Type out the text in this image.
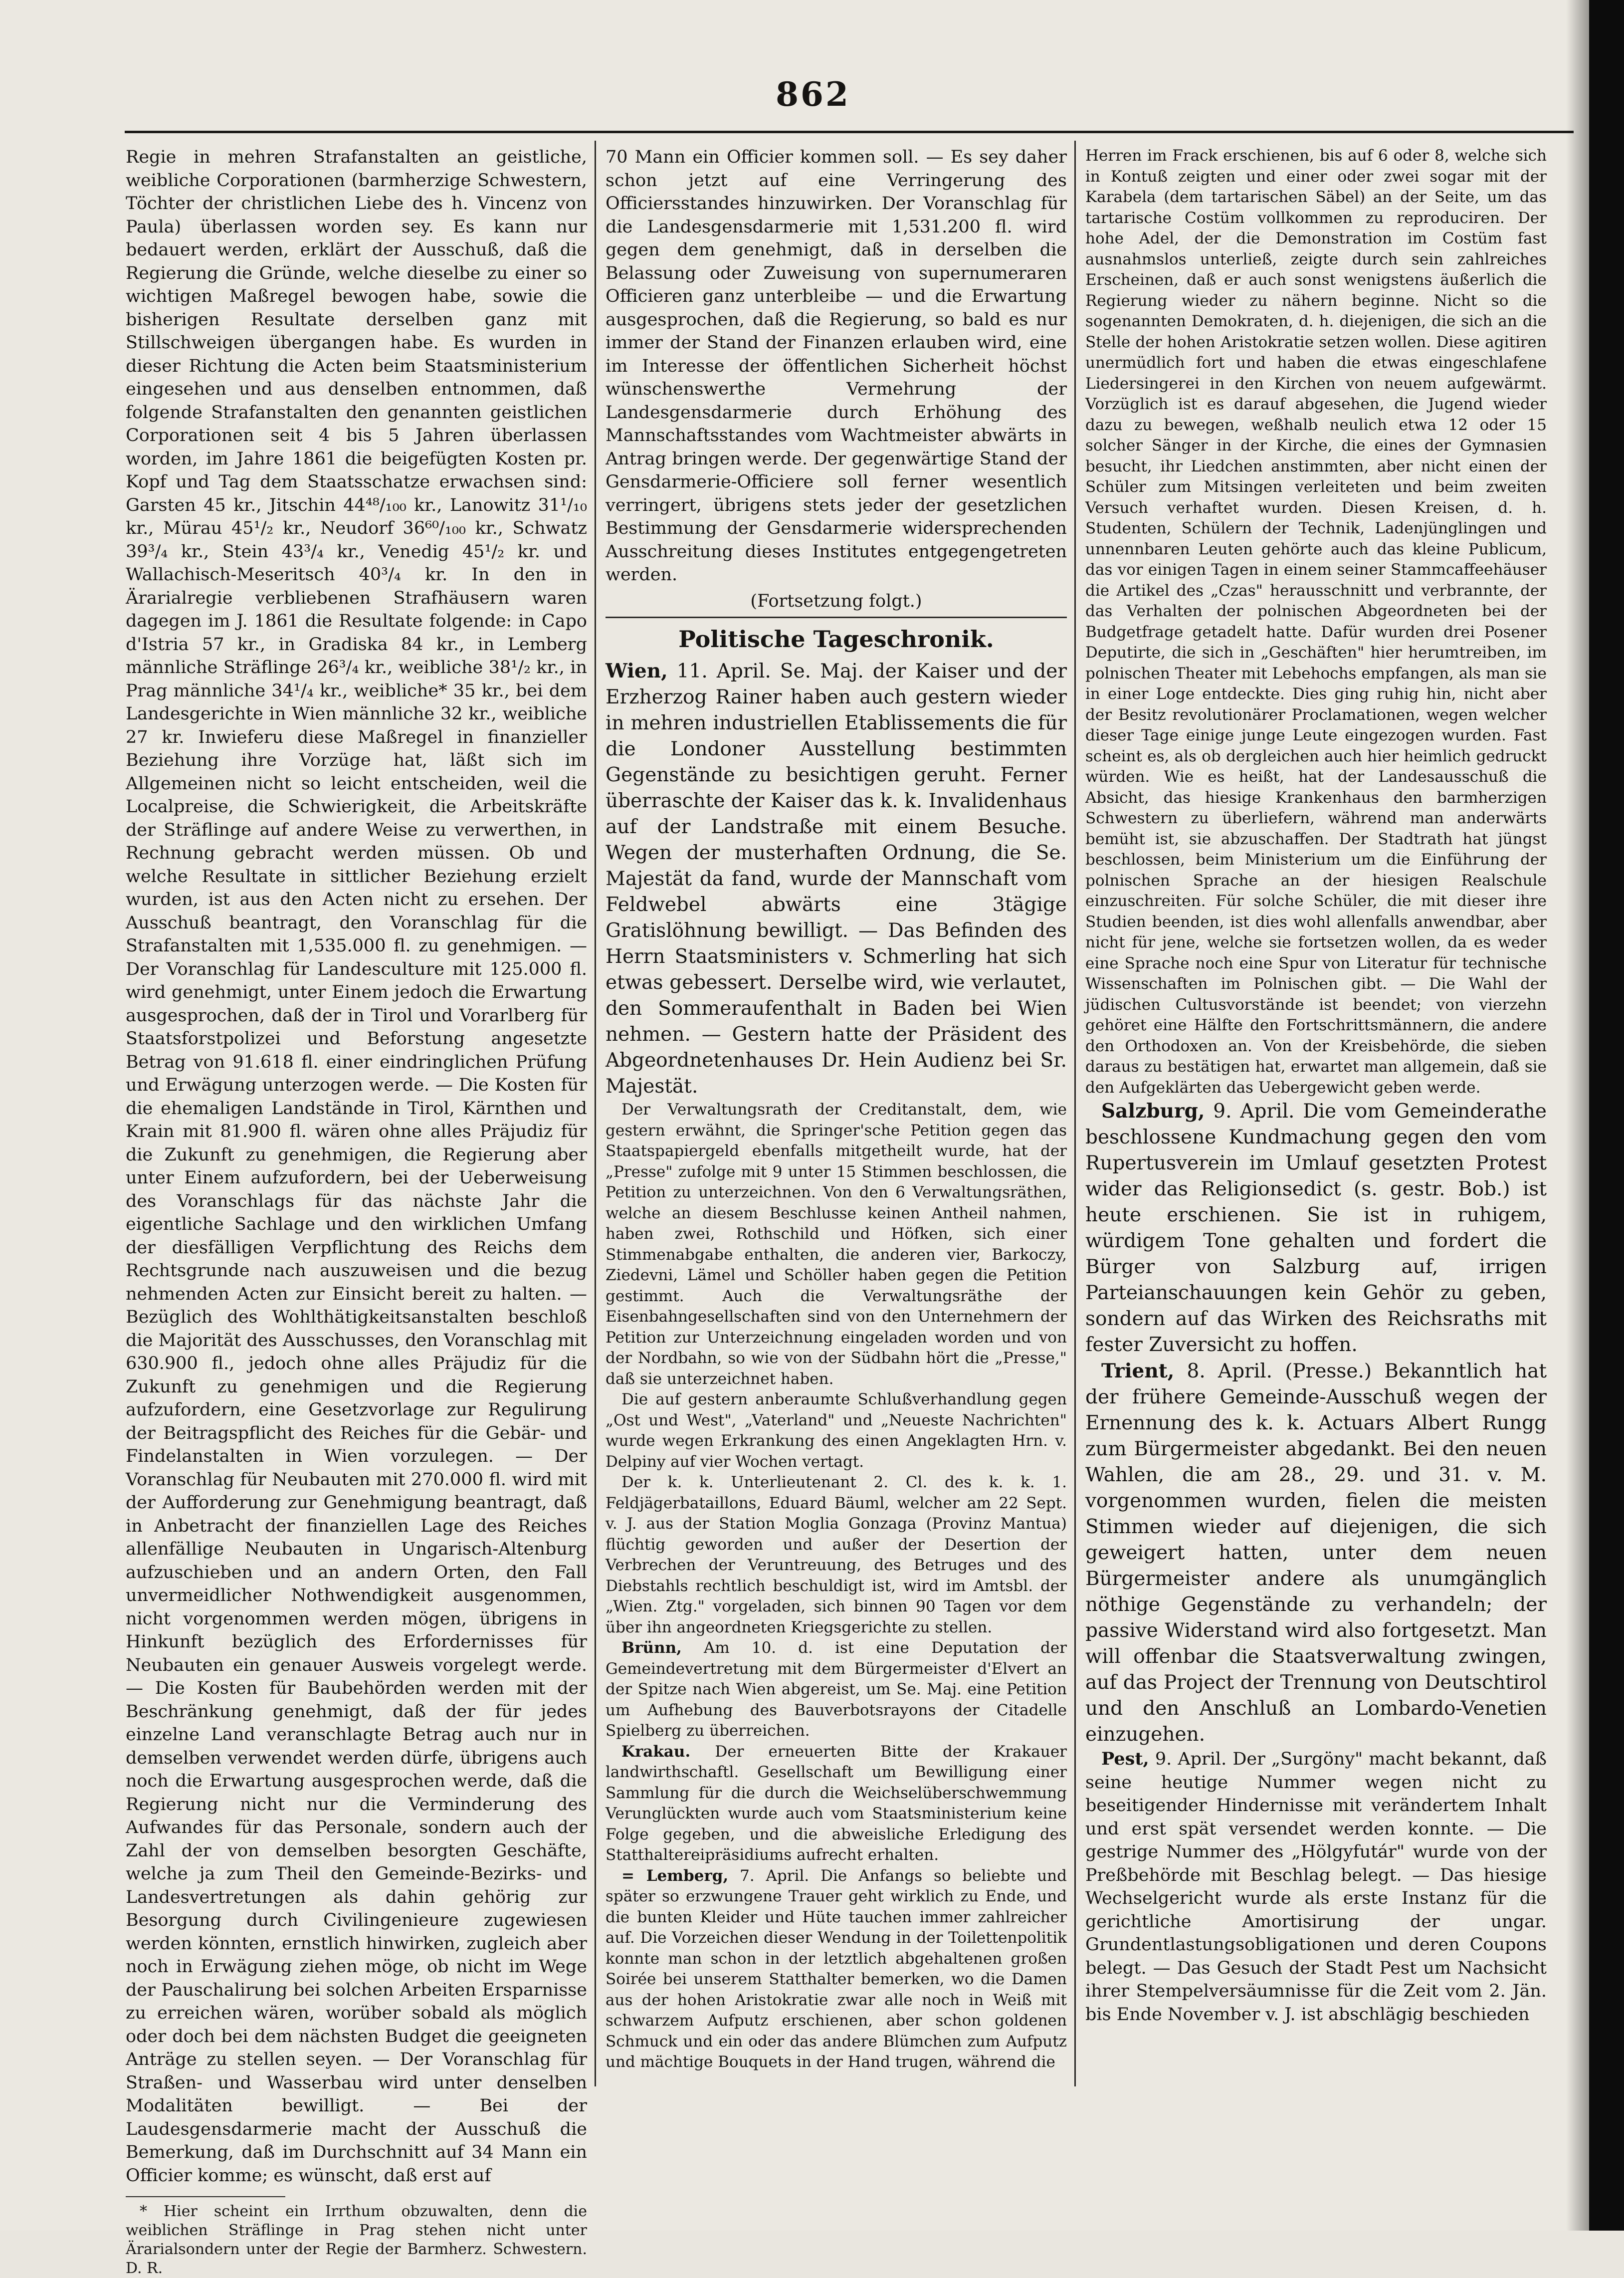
862

Regie in mehren Strafanstalten an geistliche, weibliche Corporationen (barmherzige Schwestern, Töchter der christlichen Liebe des h. Vincenz von Paula) überlassen worden sey. Es kann nur bedauert werden, erklärt der Ausschuß, daß die Regierung die Gründe, welche dieselbe zu einer so wichtigen Maßregel bewogen habe, sowie die bisherigen Resultate derselben ganz mit Stillschweigen übergangen habe. Es wurden in dieser Richtung die Acten beim Staatsministerium eingesehen und aus denselben entnommen, daß folgende Strafanstalten den genannten geistlichen Corporationen seit 4 bis 5 Jahren überlassen worden, im Jahre 1861 die beigefügten Kosten pr. Kopf und Tag dem Staatsschatze erwachsen sind: Garsten 45 kr., Jitschin 44⁴⁸/₁₀₀ kr., Lanowitz 31¹/₁₀ kr., Mürau 45¹/₂ kr., Neudorf 36⁶⁰/₁₀₀ kr., Schwatz 39³/₄ kr., Stein 43³/₄ kr., Venedig 45¹/₂ kr. und Wallachisch-Meseritsch 40³/₄ kr. In den in Ärarialregie verbliebenen Strafhäusern waren dagegen im J. 1861 die Resultate folgende: in Capo d'Istria 57 kr., in Gradiska 84 kr., in Lemberg männliche Sträflinge 26³/₄ kr., weibliche 38¹/₂ kr., in Prag männliche 34¹/₄ kr., weibliche* 35 kr., bei dem Landesgerichte in Wien männliche 32 kr., weibliche 27 kr. Inwieferu diese Maßregel in finanzieller Beziehung ihre Vorzüge hat, läßt sich im Allgemeinen nicht so leicht entscheiden, weil die Localpreise, die Schwierigkeit, die Arbeitskräfte der Sträflinge auf andere Weise zu verwerthen, in Rechnung gebracht werden müssen. Ob und welche Resultate in sittlicher Beziehung erzielt wurden, ist aus den Acten nicht zu ersehen. Der Ausschuß beantragt, den Voranschlag für die Strafanstalten mit 1,535.000 fl. zu genehmigen. — Der Voranschlag für Landesculture mit 125.000 fl. wird genehmigt, unter Einem jedoch die Erwartung ausgesprochen, daß der in Tirol und Vorarlberg für Staatsforstpolizei und Beforstung angesetzte Betrag von 91.618 fl. einer eindringlichen Prüfung und Erwägung unterzogen werde. — Die Kosten für die ehemaligen Landstände in Tirol, Kärnthen und Krain mit 81.900 fl. wären ohne alles Präjudiz für die Zukunft zu genehmigen, die Regierung aber unter Einem aufzufordern, bei der Ueberweisung des Voranschlags für das nächste Jahr die eigentliche Sachlage und den wirklichen Umfang der diesfälligen Verpflichtung des Reichs dem Rechtsgrunde nach auszuweisen und die bezug nehmenden Acten zur Einsicht bereit zu halten. — Bezüglich des Wohlthätigkeitsanstalten beschloß die Majorität des Ausschusses, den Voranschlag mit 630.900 fl., jedoch ohne alles Präjudiz für die Zukunft zu genehmigen und die Regierung aufzufordern, eine Gesetzvorlage zur Regulirung der Beitragspflicht des Reiches für die Gebär- und Findelanstalten in Wien vorzulegen. — Der Voranschlag für Neubauten mit 270.000 fl. wird mit der Aufforderung zur Genehmigung beantragt, daß in Anbetracht der finanziellen Lage des Reiches allenfällige Neubauten in Ungarisch-Altenburg aufzuschieben und an andern Orten, den Fall unvermeidlicher Nothwendigkeit ausgenommen, nicht vorgenommen werden mögen, übrigens in Hinkunft bezüglich des Erfordernisses für Neubauten ein genauer Ausweis vorgelegt werde. — Die Kosten für Baubehörden werden mit der Beschränkung genehmigt, daß der für jedes einzelne Land veranschlagte Betrag auch nur in demselben verwendet werden dürfe, übrigens auch noch die Erwartung ausgesprochen werde, daß die Regierung nicht nur die Verminderung des Aufwandes für das Personale, sondern auch der Zahl der von demselben besorgten Geschäfte, welche ja zum Theil den Gemeinde-Bezirks- und Landesvertretungen als dahin gehörig zur Besorgung durch Civilingenieure zugewiesen werden könnten, ernstlich hinwirken, zugleich aber noch in Erwägung ziehen möge, ob nicht im Wege der Pauschalirung bei solchen Arbeiten Ersparnisse zu erreichen wären, worüber sobald als möglich oder doch bei dem nächsten Budget die geeigneten Anträge zu stellen seyen. — Der Voranschlag für Straßen- und Wasserbau wird unter denselben Modalitäten bewilligt. — Bei der Laudesgensdarmerie macht der Ausschuß die Bemerkung, daß im Durchschnitt auf 34 Mann ein Officier komme; es wünscht, daß erst auf

* Hier scheint ein Irrthum obzuwalten, denn die weiblichen Sträflinge in Prag stehen nicht unter Ärarialsondern unter der Regie der Barmherz. Schwestern. D. R.

70 Mann ein Officier kommen soll. — Es sey daher schon jetzt auf eine Verringerung des Officiersstandes hinzuwirken. Der Voranschlag für die Landesgensdarmerie mit 1,531.200 fl. wird gegen dem genehmigt, daß in derselben die Belassung oder Zuweisung von supernumeraren Officieren ganz unterbleibe — und die Erwartung ausgesprochen, daß die Regierung, so bald es nur immer der Stand der Finanzen erlauben wird, eine im Interesse der öffentlichen Sicherheit höchst wünschenswerthe Vermehrung der Landesgensdarmerie durch Erhöhung des Mannschaftsstandes vom Wachtmeister abwärts in Antrag bringen werde. Der gegenwärtige Stand der Gensdarmerie-Officiere soll ferner wesentlich verringert, übrigens stets jeder der gesetzlichen Bestimmung der Gensdarmerie widersprechenden Ausschreitung dieses Institutes entgegengetreten werden.

(Fortsetzung folgt.)

Politische Tageschronik.

Wien, 11. April. Se. Maj. der Kaiser und der Erzherzog Rainer haben auch gestern wieder in mehren industriellen Etablissements die für die Londoner Ausstellung bestimmten Gegenstände zu besichtigen geruht. Ferner überraschte der Kaiser das k. k. Invalidenhaus auf der Landstraße mit einem Besuche. Wegen der musterhaften Ordnung, die Se. Majestät da fand, wurde der Mannschaft vom Feldwebel abwärts eine 3tägige Gratislöhnung bewilligt. — Das Befinden des Herrn Staatsministers v. Schmerling hat sich etwas gebessert. Derselbe wird, wie verlautet, den Sommeraufenthalt in Baden bei Wien nehmen. — Gestern hatte der Präsident des Abgeordnetenhauses Dr. Hein Audienz bei Sr. Majestät.

Der Verwaltungsrath der Creditanstalt, dem, wie gestern erwähnt, die Springer'sche Petition gegen das Staatspapiergeld ebenfalls mitgetheilt wurde, hat der „Presse" zufolge mit 9 unter 15 Stimmen beschlossen, die Petition zu unterzeichnen. Von den 6 Verwaltungsräthen, welche an diesem Beschlusse keinen Antheil nahmen, haben zwei, Rothschild und Höfken, sich einer Stimmenabgabe enthalten, die anderen vier, Barkoczy, Ziedevni, Lämel und Schöller haben gegen die Petition gestimmt. Auch die Verwaltungsräthe der Eisenbahngesellschaften sind von den Unternehmern der Petition zur Unterzeichnung eingeladen worden und von der Nordbahn, so wie von der Südbahn hört die „Presse," daß sie unterzeichnet haben.

Die auf gestern anberaumte Schlußverhandlung gegen „Ost und West", „Vaterland" und „Neueste Nachrichten" wurde wegen Erkrankung des einen Angeklagten Hrn. v. Delpiny auf vier Wochen vertagt.

Der k. k. Unterlieutenant 2. Cl. des k. k. 1. Feldjägerbataillons, Eduard Bäuml, welcher am 22 Sept. v. J. aus der Station Moglia Gonzaga (Provinz Mantua) flüchtig geworden und außer der Desertion der Verbrechen der Veruntreuung, des Betruges und des Diebstahls rechtlich beschuldigt ist, wird im Amtsbl. der „Wien. Ztg." vorgeladen, sich binnen 90 Tagen vor dem über ihn angeordneten Kriegsgerichte zu stellen.

Brünn, Am 10. d. ist eine Deputation der Gemeindevertretung mit dem Bürgermeister d'Elvert an der Spitze nach Wien abgereist, um Se. Maj. eine Petition um Aufhebung des Bauverbotsrayons der Citadelle Spielberg zu überreichen.

Krakau. Der erneuerten Bitte der Krakauer landwirthschaftl. Gesellschaft um Bewilligung einer Sammlung für die durch die Weichselüberschwemmung Verunglückten wurde auch vom Staatsministerium keine Folge gegeben, und die abweisliche Erledigung des Statthaltereipräsidiums aufrecht erhalten.

= Lemberg, 7. April. Die Anfangs so beliebte und später so erzwungene Trauer geht wirklich zu Ende, und die bunten Kleider und Hüte tauchen immer zahlreicher auf. Die Vorzeichen dieser Wendung in der Toilettenpolitik konnte man schon in der letztlich abgehaltenen großen Soirée bei unserem Statthalter bemerken, wo die Damen aus der hohen Aristokratie zwar alle noch in Weiß mit schwarzem Aufputz erschienen, aber schon goldenen Schmuck und ein oder das andere Blümchen zum Aufputz und mächtige Bouquets in der Hand trugen, während die

Herren im Frack erschienen, bis auf 6 oder 8, welche sich in Kontuß zeigten und einer oder zwei sogar mit der Karabela (dem tartarischen Säbel) an der Seite, um das tartarische Costüm vollkommen zu reproduciren. Der hohe Adel, der die Demonstration im Costüm fast ausnahmslos unterließ, zeigte durch sein zahlreiches Erscheinen, daß er auch sonst wenigstens äußerlich die Regierung wieder zu nähern beginne. Nicht so die sogenannten Demokraten, d. h. diejenigen, die sich an die Stelle der hohen Aristokratie setzen wollen. Diese agitiren unermüdlich fort und haben die etwas eingeschlafene Liedersingerei in den Kirchen von neuem aufgewärmt. Vorzüglich ist es darauf abgesehen, die Jugend wieder dazu zu bewegen, weßhalb neulich etwa 12 oder 15 solcher Sänger in der Kirche, die eines der Gymnasien besucht, ihr Liedchen anstimmten, aber nicht einen der Schüler zum Mitsingen verleiteten und beim zweiten Versuch verhaftet wurden. Diesen Kreisen, d. h. Studenten, Schülern der Technik, Ladenjünglingen und unnennbaren Leuten gehörte auch das kleine Publicum, das vor einigen Tagen in einem seiner Stammcaffeehäuser die Artikel des „Czas" herausschnitt und verbrannte, der das Verhalten der polnischen Abgeordneten bei der Budgetfrage getadelt hatte. Dafür wurden drei Posener Deputirte, die sich in „Geschäften" hier herumtreiben, im polnischen Theater mit Lebehochs empfangen, als man sie in einer Loge entdeckte. Dies ging ruhig hin, nicht aber der Besitz revolutionärer Proclamationen, wegen welcher dieser Tage einige junge Leute eingezogen wurden. Fast scheint es, als ob dergleichen auch hier heimlich gedruckt würden. Wie es heißt, hat der Landesausschuß die Absicht, das hiesige Krankenhaus den barmherzigen Schwestern zu überliefern, während man anderwärts bemüht ist, sie abzuschaffen. Der Stadtrath hat jüngst beschlossen, beim Ministerium um die Einführung der polnischen Sprache an der hiesigen Realschule einzuschreiten. Für solche Schüler, die mit dieser ihre Studien beenden, ist dies wohl allenfalls anwendbar, aber nicht für jene, welche sie fortsetzen wollen, da es weder eine Sprache noch eine Spur von Literatur für technische Wissenschaften im Polnischen gibt. — Die Wahl der jüdischen Cultusvorstände ist beendet; von vierzehn gehöret eine Hälfte den Fortschrittsmännern, die andere den Orthodoxen an. Von der Kreisbehörde, die sieben daraus zu bestätigen hat, erwartet man allgemein, daß sie den Aufgeklärten das Uebergewicht geben werde.

Salzburg, 9. April. Die vom Gemeinderathe beschlossene Kundmachung gegen den vom Rupertusverein im Umlauf gesetzten Protest wider das Religionsedict (s. gestr. Bob.) ist heute erschienen. Sie ist in ruhigem, würdigem Tone gehalten und fordert die Bürger von Salzburg auf, irrigen Parteianschauungen kein Gehör zu geben, sondern auf das Wirken des Reichsraths mit fester Zuversicht zu hoffen.

Trient, 8. April. (Presse.) Bekanntlich hat der frühere Gemeinde-Ausschuß wegen der Ernennung des k. k. Actuars Albert Rungg zum Bürgermeister abgedankt. Bei den neuen Wahlen, die am 28., 29. und 31. v. M. vorgenommen wurden, fielen die meisten Stimmen wieder auf diejenigen, die sich geweigert hatten, unter dem neuen Bürgermeister andere als unumgänglich nöthige Gegenstände zu verhandeln; der passive Widerstand wird also fortgesetzt. Man will offenbar die Staatsverwaltung zwingen, auf das Project der Trennung von Deutschtirol und den Anschluß an Lombardo-Venetien einzugehen.

Pest, 9. April. Der „Surgöny" macht bekannt, daß seine heutige Nummer wegen nicht zu beseitigender Hindernisse mit verändertem Inhalt und erst spät versendet werden konnte. — Die gestrige Nummer des „Hölgyfutár" wurde von der Preßbehörde mit Beschlag belegt. — Das hiesige Wechselgericht wurde als erste Instanz für die gerichtliche Amortisirung der ungar. Grundentlastungsobligationen und deren Coupons belegt. — Das Gesuch der Stadt Pest um Nachsicht ihrer Stempelversäumnisse für die Zeit vom 2. Jän. bis Ende November v. J. ist abschlägig beschieden
